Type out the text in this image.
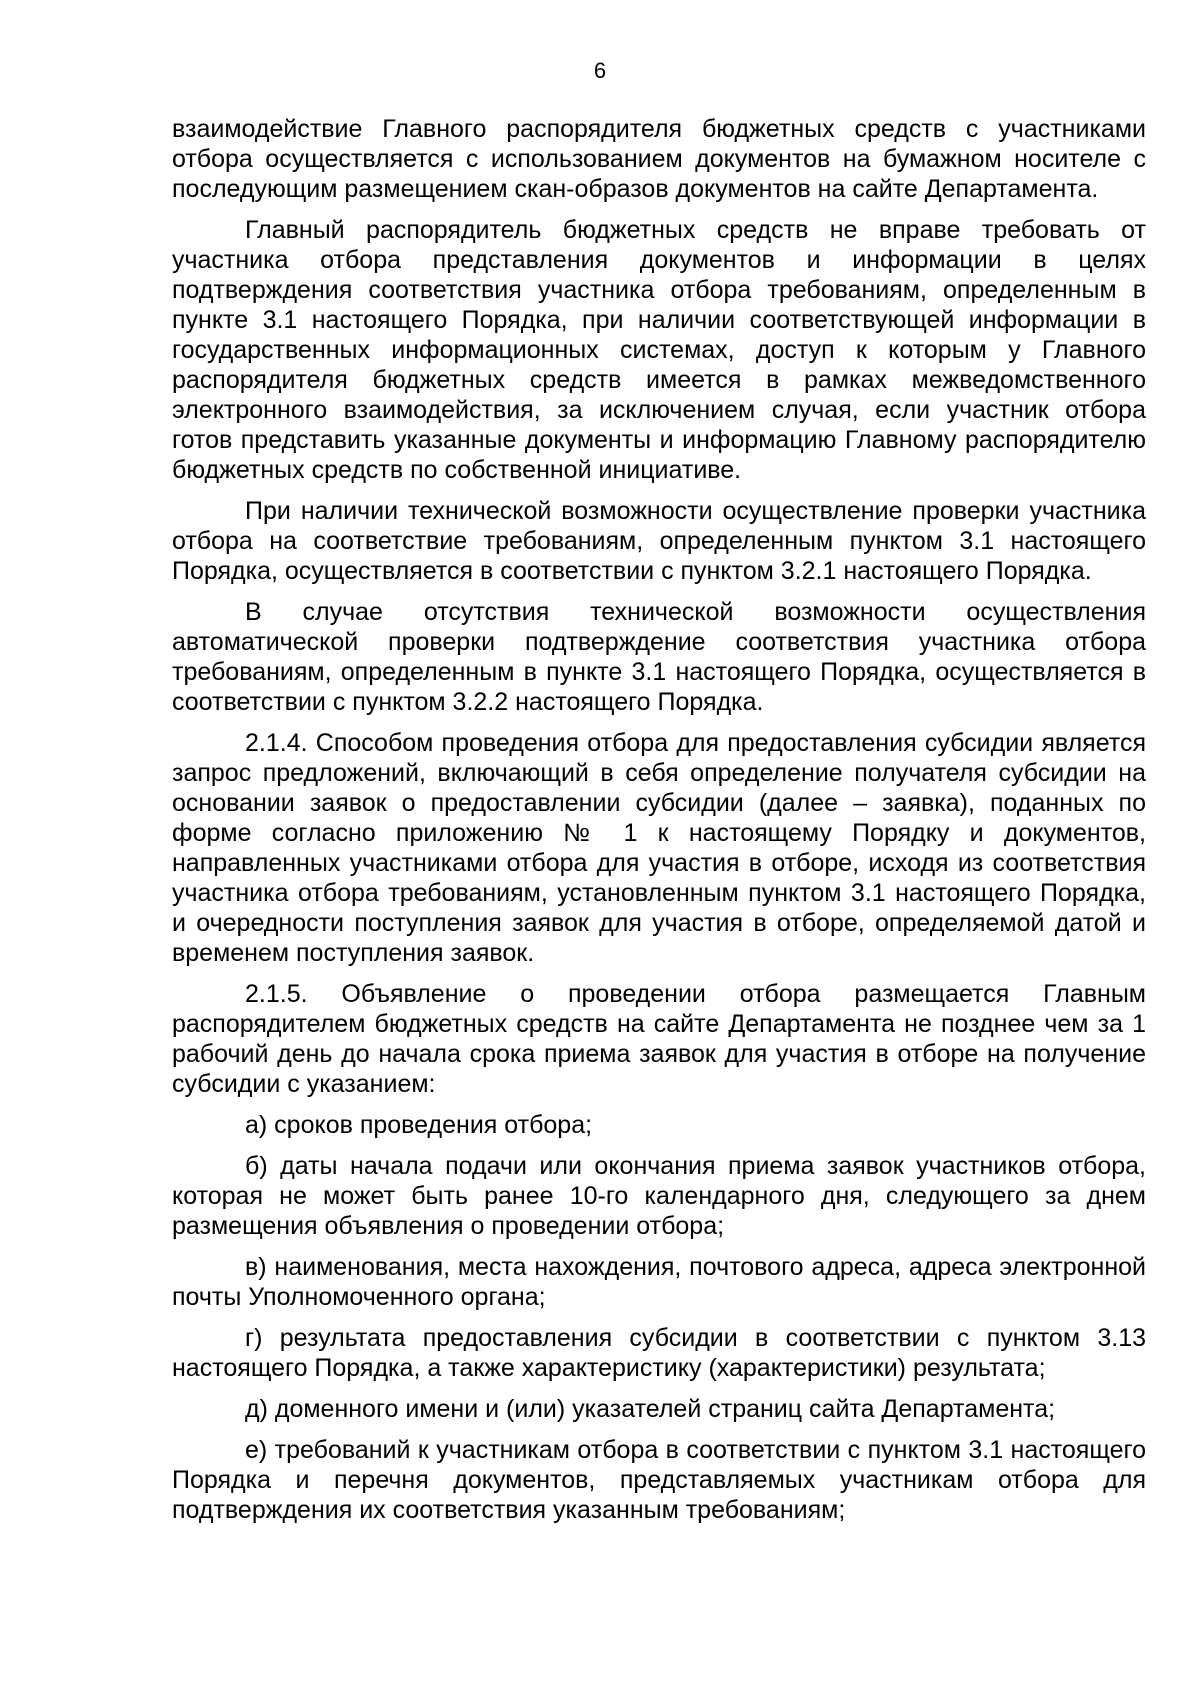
6

взаимодействие Главного распорядителя бюджетных средств с участниками отбора осуществляется с использованием документов на бумажном носителе с последующим размещением скан-образов документов на сайте Департамента.

Главный распорядитель бюджетных средств не вправе требовать от участника отбора представления документов и информации в целях подтверждения соответствия участника отбора требованиям, определенным в пункте 3.1 настоящего Порядка, при наличии соответствующей информации в государственных информационных системах, доступ к которым у Главного распорядителя бюджетных средств имеется в рамках межведомственного электронного взаимодействия, за исключением случая, если участник отбора готов представить указанные документы и информацию Главному распорядителю бюджетных средств по собственной инициативе.

При наличии технической возможности осуществление проверки участника отбора на соответствие требованиям, определенным пунктом 3.1 настоящего Порядка, осуществляется в соответствии с пунктом 3.2.1 настоящего Порядка.

В случае отсутствия технической возможности осуществления автоматической проверки подтверждение соответствия участника отбора требованиям, определенным в пункте 3.1 настоящего Порядка, осуществляется в соответствии с пунктом 3.2.2 настоящего Порядка.

2.1.4. Способом проведения отбора для предоставления субсидии является запрос предложений, включающий в себя определение получателя субсидии на основании заявок о предоставлении субсидии (далее – заявка), поданных по форме согласно приложению № 1 к настоящему Порядку и документов, направленных участниками отбора для участия в отборе, исходя из соответствия участника отбора требованиям, установленным пунктом 3.1 настоящего Порядка, и очередности поступления заявок для участия в отборе, определяемой датой и временем поступления заявок.

2.1.5. Объявление о проведении отбора размещается Главным распорядителем бюджетных средств на сайте Департамента не позднее чем за 1 рабочий день до начала срока приема заявок для участия в отборе на получение субсидии с указанием:

а) сроков проведения отбора;

б) даты начала подачи или окончания приема заявок участников отбора, которая не может быть ранее 10-го календарного дня, следующего за днем размещения объявления о проведении отбора;

в) наименования, места нахождения, почтового адреса, адреса электронной почты Уполномоченного органа;

г) результата предоставления субсидии в соответствии с пунктом 3.13 настоящего Порядка, а также характеристику (характеристики) результата;

д) доменного имени и (или) указателей страниц сайта Департамента;

е) требований к участникам отбора в соответствии с пунктом 3.1 настоящего Порядка и перечня документов, представляемых участникам отбора для подтверждения их соответствия указанным требованиям;
